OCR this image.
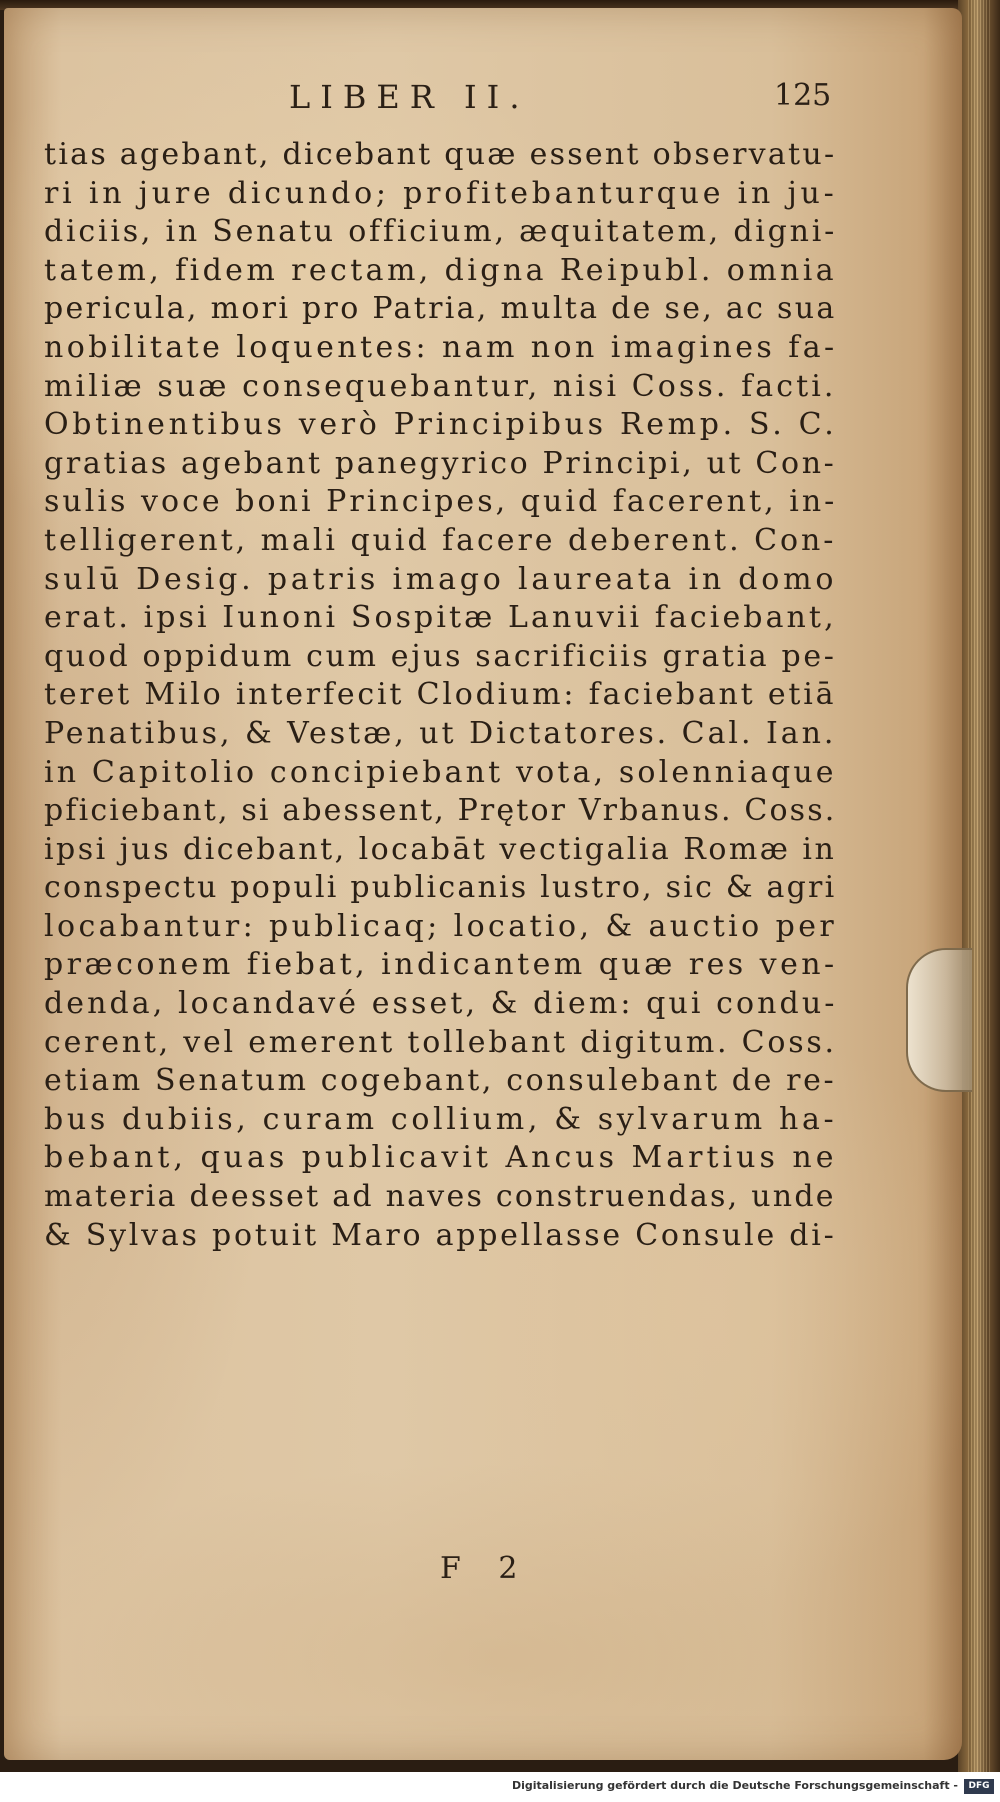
LIBER II.	125
tias agebant, dicebant quæ essent observatu-
ri in jure dicundo; profitebanturque in ju-
diciis, in Senatu officium, æquitatem, digni-
tatem, fidem rectam, digna Reipubl. omnia
pericula, mori pro Patria, multa de se, ac sua
nobilitate loquentes: nam non imagines fa-
miliæ suæ consequebantur, nisi Coss. facti.
Obtinentibus verò Principibus Remp. S. C.
gratias agebant panegyrico Principi, ut Con-
sulis voce boni Principes, quid facerent, in-
telligerent, mali quid facere deberent. Con-
sulū Desig. patris imago laureata in domo
erat. ipsi Iunoni Sospitæ Lanuvii faciebant,
quod oppidum cum ejus sacrificiis gratia pe-
teret Milo interfecit Clodium: faciebant etiā
Penatibus, & Vestæ, ut Dictatores. Cal. Ian.
in Capitolio concipiebant vota, solenniaque
pficiebant, si abessent, Prętor Vrbanus. Coss.
ipsi jus dicebant, locabāt vectigalia Romæ in
conspectu populi publicanis lustro, sic & agri
locabantur: publicaq; locatio, & auctio per
præconem fiebat, indicantem quæ res ven-
denda, locandavé esset, & diem: qui condu-
cerent, vel emerent tollebant digitum. Coss.
etiam Senatum cogebant, consulebant de re-
bus dubiis, curam collium, & sylvarum ha-
bebant, quas publicavit Ancus Martius ne
materia deesset ad naves construendas, unde
& Sylvas potuit Maro appellasse Consule di-
F 2
Digitalisierung gefördert durch die Deutsche Forschungsgemeinschaft -	DFG
